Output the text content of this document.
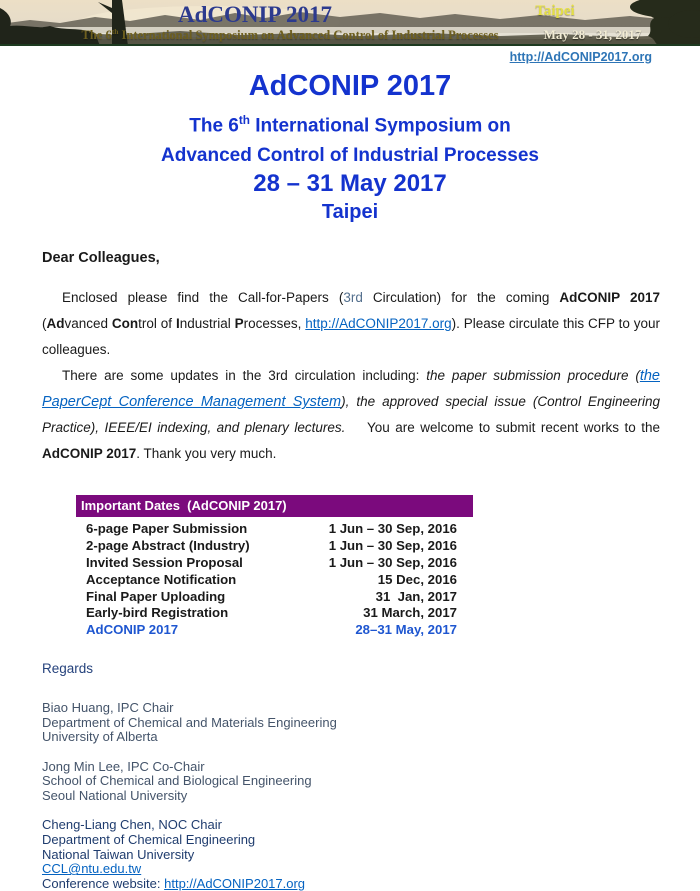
AdCONIP 2017	Taipei
The 6th International Symposium on Advanced Control of Industrial Processes	May 28 - 31, 2017
http://AdCONIP2017.org
AdCONIP 2017
The 6th International Symposium on
Advanced Control of Industrial Processes
28 – 31 May 2017
Taipei

Dear Colleagues,

Enclosed please find the Call-for-Papers (3rd Circulation) for the coming AdCONIP 2017 (Advanced Control of Industrial Processes, http://AdCONIP2017.org). Please circulate this CFP to your colleagues.

There are some updates in the 3rd circulation including: the paper submission procedure (the PaperCept Conference Management System), the approved special issue (Control Engineering Practice), IEEE/EI indexing, and plenary lectures.    You are welcome to submit recent works to the AdCONIP 2017. Thank you very much.

Important Dates  (AdCONIP 2017)
6-page Paper Submission	1 Jun – 30 Sep, 2016
2-page Abstract (Industry)	1 Jun – 30 Sep, 2016
Invited Session Proposal	1 Jun – 30 Sep, 2016
Acceptance Notification	15 Dec, 2016
Final Paper Uploading	31  Jan, 2017
Early-bird Registration	31 March, 2017
AdCONIP 2017	28–31 May, 2017

Regards

Biao Huang, IPC Chair
Department of Chemical and Materials Engineering
University of Alberta
Jong Min Lee, IPC Co-Chair
School of Chemical and Biological Engineering
Seoul National University
Cheng-Liang Chen, NOC Chair
Department of Chemical Engineering
National Taiwan University
CCL@ntu.edu.tw
Conference website: http://AdCONIP2017.org
